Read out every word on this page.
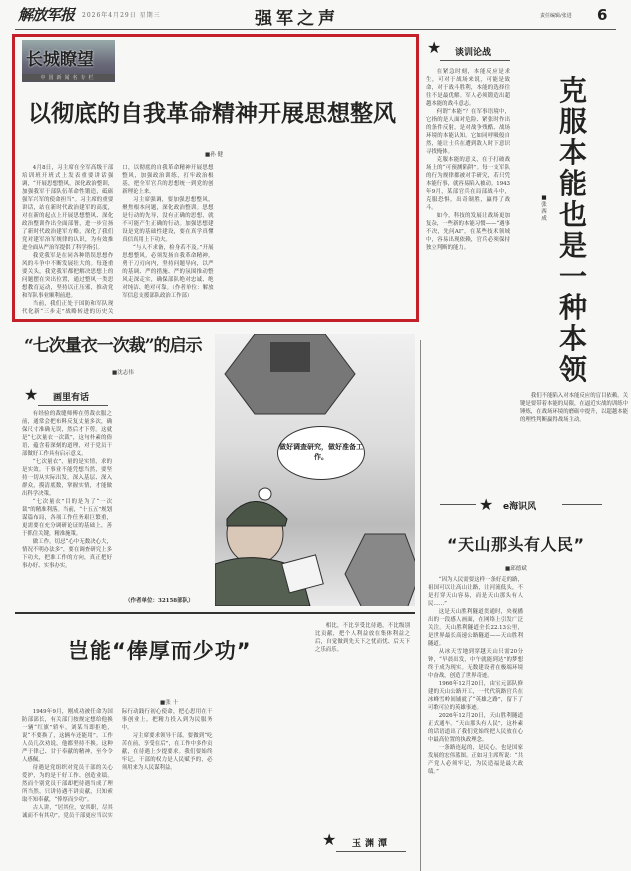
解放军报 2026年4月29日 星期三	强军之声	责任编辑/张进 6
长城瞭望
中国新闻名专栏
以彻底的自我革命精神开展思想整风
■孙 健

4月8日，习主席在全军高级干部培训班开班式上发表重要讲话强调，“开展思想整风，深化政治整训，加强我军干部队伍革命性锻造，砥砺强军兴军的使命担当”。习主席的重要讲话，站在新时代政治建军的高度，对在新的起点上开展思想整风、深化政治整训作出全面部署，进一步宣扬了新时代政治建军方略，深化了我们党对建军治军规律的认识，为有效推进全面从严治军提供了科学指引。

我党我军是在同各种错误思想作风的斗争中不断发展壮大的。每逢重要关头，我党我军都把解决思想上的问题摆在突出位置，通过整风一类思想教育运动，坚持以正压邪，推动党和军队事业顺利前进。

当前，我们正处于国防和军队现代化新“三步走”战略转进的历史关口，以彻底的自我革命精神开展思想整风，加强政治训练，打牢政治根基，把全军官兵的思想统一到党的创新理论上来。

习主席强调，要加强思想整风，聚焦根本问题，深化政治整训。思想是行动的先导，没有正确的思想，就不可能产生正确的行动。加强思想建设是党的基础性建设，要在真学真懂真信真用上下功夫。

“与人不求备，检身若不及。”开展思想整风，必须发扬自我革命精神，勇于刀刃向内，坚持问题导向，以严的基调、严的措施、严的氛围推动整风走深走实，确保部队绝对忠诚、绝对纯洁、绝对可靠。（作者单位：解放军信息支援部队政治工作部）

★ 谈训论战

在紧急时刻，本能反应是求生，可对于战场来说，可能是致命，对于战斗胜利，本能的选择往往不是最优解。军人必须锻造出超越本能的战斗意志。

何谓“本能”？在军事语境中，它指的是人面对危险、紧张时作出的条件反射，是对战争残酷、战场环境的本能认知。它如同呼吸般自然，能让士兵在遭到敌人时下意识寻找掩体。

克服本能的意义，在于打破战场上的“可预测陷阱”。每一支军队的行为规律都被对手研究，若只凭本能行事，就容易陷入被动。1943年9月，某部官兵在局部战斗中，克服恐惧，出奇制胜，赢得了战斗。

如今，科技的发展让战场更加复杂，一些新的本能习惯——“遇事不决，先问AI”，在某些技术领域中，容易出现依赖，官兵必须保持独立判断的能力。

克服本能也是一种本领
■张西成

我们不能陷入对本能反应的盲目依赖。关键是要带着本能的局限，在逼近实战的训练中锤炼，在战场环境的磨砺中提升，以超越本能的理性判断赢得战场主动。

“七次量衣一次裁”的启示
■沈志伟
★ 画里有话

有经验的裁缝师傅在剪裁衣服之前，通常会把布料反复丈量多次，确保尺寸准确无误，然后才下剪。这就是“七次量衣一次裁”，这句朴素的俗语，蕴含着深刻的道理，对于党员干部做好工作具有启示意义。

“七次量衣”，量的是实情，求的是实效。干事业不能凭想当然，要坚持一切从实际出发，深入基层、深入群众，摸清底数，掌握实情，才能做出科学决策。

“七次量衣”目的是为了“一次裁”的精准利落。当前，“十五五”规划谋篇布局，各项工作任务艰巨繁重，更需要在充分调研论证的基础上，善于抓住关键，精准施策。

做工作，切忌“心中无数决心大，情况不明办法多”，要在调查研究上多下功夫，把准工作的方向，真正把好事办好、实事办实。

（作者单位：32158部队）
做好调查研究，做好准备工作。
岂能“俸厚而少功”
■张 十

相比，不比享受比待遇，不比级别比贡献，把个人利益放在集体利益之后，自觉做到先天下之忧而忧、后天下之乐而乐。

1949年9月，刚成功被任命为国防部部长，有关部门按规定想给他换一辆“红旗”轿车，刘某当即拒绝，说“不要换了，这辆车还能用”。工作人员几次劝说，他都坚持不换。这种严于律己、甘于奉献的精神，至今令人感佩。

待遇是党组织对党员干部的关心爱护，为的是干好工作、创造业绩。然而个别党员干部却把待遇当成了理所当然，只讲待遇不讲贡献，只知索取不知奉献，“俸厚而少功”。

古人讲，“居其位，安其职，尽其诚而不有其功”。党员干部更应当以实际行动践行初心使命，把心思用在干事创业上，把精力投入到为民服务中。

习主席要求领导干部，要做到“吃苦在前，享受在后”，在工作中多作贡献，在待遇上少提要求。我们要始终牢记，干部的权力是人民赋予的，必须用来为人民谋利益。

★ 玉渊潭
★ e海识风
“天山那头有人民”
■邱德斌

“因为人民需要这样一条好走的路，祖国可以让高山让路，让河流低头，不是打穿天山容易，而是天山那头有人民……”

这是天山胜利隧道贯通时，央视播出的一段感人画面，在网络上引发广泛关注。天山胜利隧道全长22.13公里，是世界最长高速公路隧道——天山胜利隧道。

从冰天雪地到穿越天山只需20分钟，“早晨出发，中午就能到达”的梦想终于成为现实。无数建设者在极端环境中奋战，创造了世界奇迹。

1966年12月20日，由宝元部队修建的天山公路开工，一代代筑路官兵在冰峰雪岭间铺就了“英雄之路”，留下了可歌可泣的英雄事迹。

2026年12月20日，天山胜利隧道正式通车。“天山那头有人民”，这朴素的话语道出了我们党始终把人民放在心中最高位置的执政理念。

一条路连起的，是民心，也是国家发展的宏伟蓝图。正如习主席所说：“共产党人必须牢记，为民造福是最大政绩。”
